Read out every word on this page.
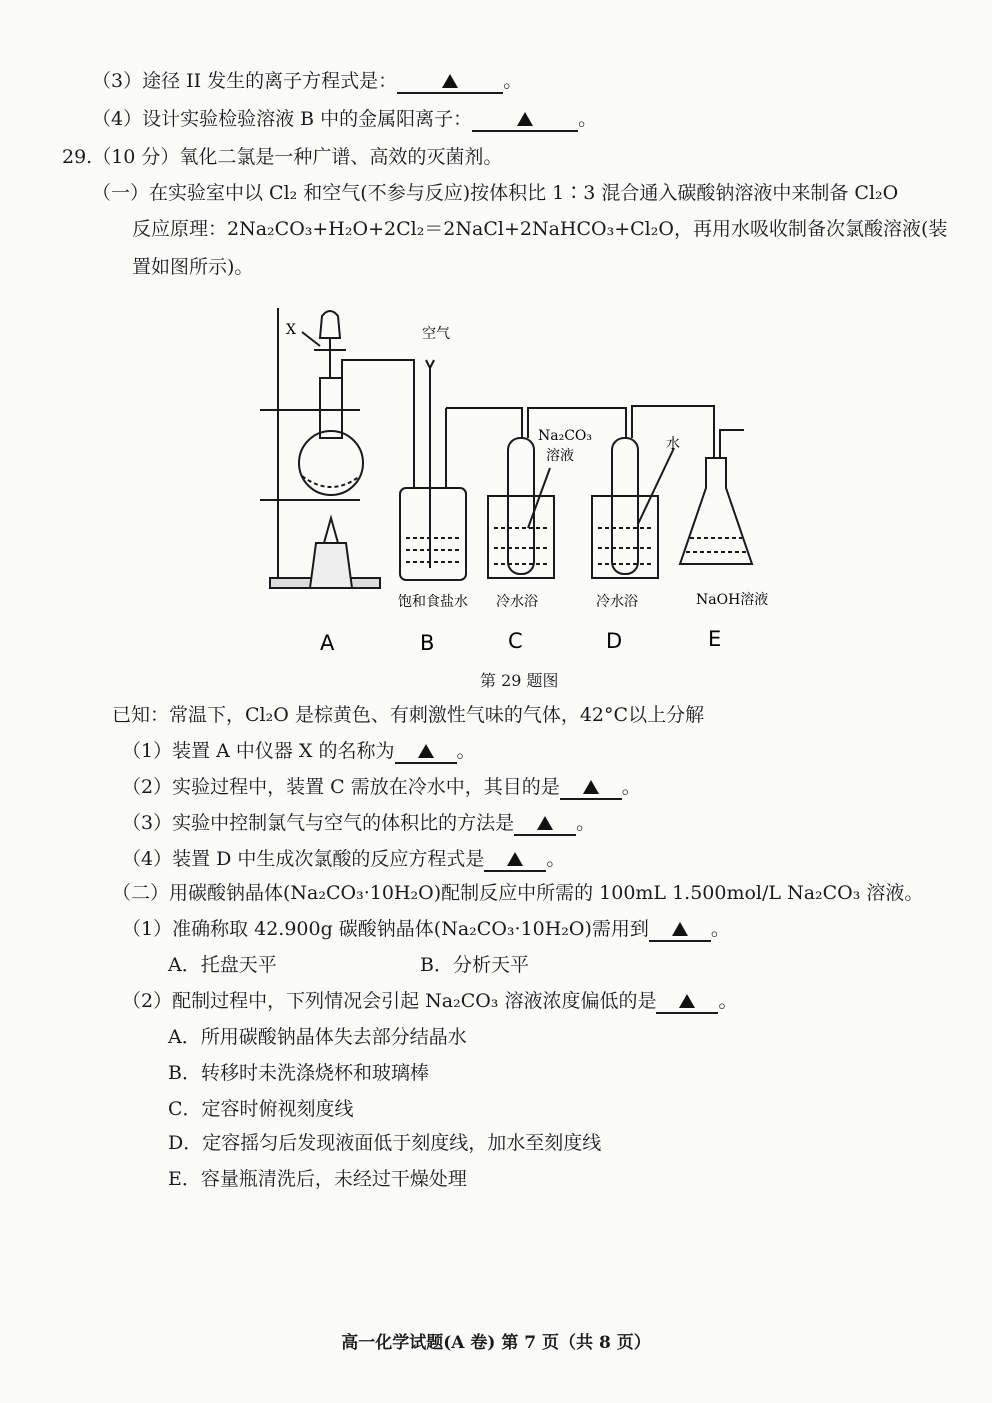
（3）途径 II 发生的离子方程式是：	。
（4）设计实验检验溶液 B 中的金属阳离子：	。
29.（10 分）氧化二氯是一种广谱、高效的灭菌剂。
（一）在实验室中以 Cl₂ 和空气(不参与反应)按体积比 1∶3 混合通入碳酸钠溶液中来制备 Cl₂O
反应原理：2Na₂CO₃+H₂O+2Cl₂＝2NaCl+2NaHCO₃+Cl₂O，再用水吸收制备次氯酸溶液(装
置如图所示)。
X	空气
Na₂CO₃
溶液
水
饱和食盐水 冷水浴	冷水浴	NaOH溶液
A	B	C	D	E
第 29 题图
已知：常温下，Cl₂O 是棕黄色、有刺激性气味的气体，42°C以上分解
（1）装置 A 中仪器 X 的名称为	。
（2）实验过程中，装置 C 需放在冷水中，其目的是	。
（3）实验中控制氯气与空气的体积比的方法是	。
（4）装置 D 中生成次氯酸的反应方程式是	。
（二）用碳酸钠晶体(Na₂CO₃·10H₂O)配制反应中所需的 100mL 1.500mol/L Na₂CO₃ 溶液。
（1）准确称取 42.900g 碳酸钠晶体(Na₂CO₃·10H₂O)需用到	。
A．托盘天平	B．分析天平
（2）配制过程中，下列情况会引起 Na₂CO₃ 溶液浓度偏低的是	。
A．所用碳酸钠晶体失去部分结晶水
B．转移时未洗涤烧杯和玻璃棒
C．定容时俯视刻度线
D．定容摇匀后发现液面低于刻度线，加水至刻度线
E．容量瓶清洗后，未经过干燥处理
高一化学试题(A 卷) 第 7 页（共 8 页）
